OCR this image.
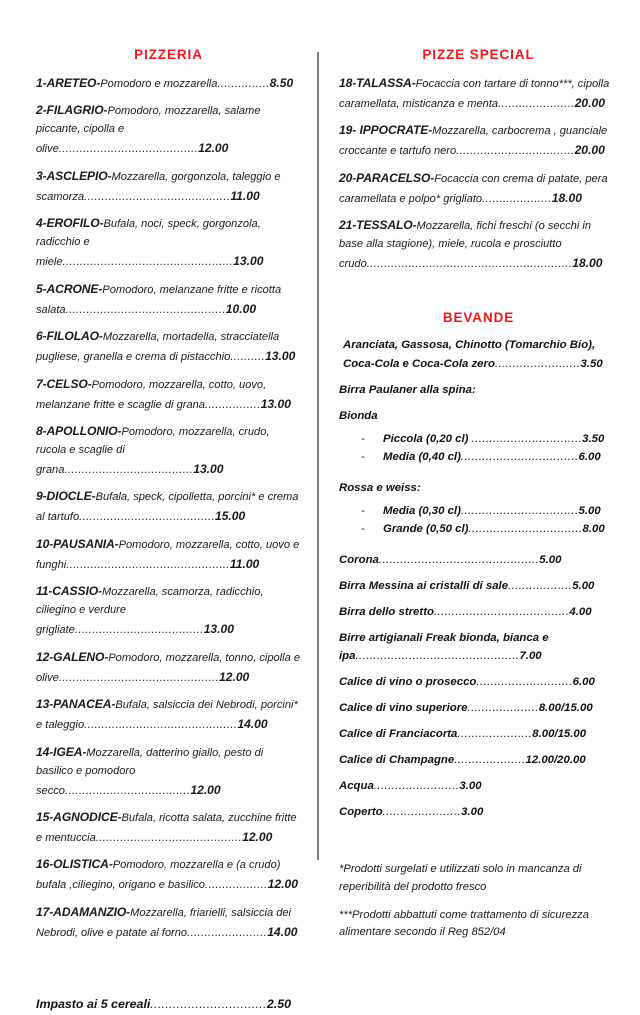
PIZZERIA
1-ARETEO-Pomodoro e mozzarella...............8.50
2-FILAGRIO-Pomodoro, mozzarella, salame piccante, cipolla e olive........................................12.00
3-ASCLEPIO-Mozzarella, gorgonzola, taleggio e scamorza..........................................11.00
4-EROFILO-Bufala, noci, speck, gorgonzola, radicchio e miele.................................................13.00
5-ACRONE-Pomodoro, melanzane fritte e ricotta salata..............................................10.00
6-FILOLAO-Mozzarella, mortadella, stracciatella pugliese, granella e crema di pistacchio..........13.00
7-CELSO-Pomodoro, mozzarella, cotto, uovo, melanzane fritte e scaglie di grana................13.00
8-APOLLONIO-Pomodoro, mozzarella, crudo, rucola e scaglie di grana.....................................13.00
9-DIOCLE-Bufala, speck, cipolletta, porcini* e crema al tartufo.......................................15.00
10-PAUSANIA-Pomodoro, mozzarella, cotto, uovo e funghi...............................................11.00
11-CASSIO-Mozzarella, scamorza, radicchio, ciliegino e verdure grigliate.....................................13.00
12-GALENO-Pomodoro, mozzarella, tonno, cipolla e olive..............................................12.00
13-PANACEA-Bufala, salsiccia dei Nebrodi, porcini* e taleggio............................................14.00
14-IGEA-Mozzarella, datterino giallo, pesto di basilico e pomodoro secco....................................12.00
15-AGNODICE-Bufala, ricotta salata, zucchine fritte e mentuccia..........................................12.00
16-OLISTICA-Pomodoro, mozzarella e (a crudo) bufala ,ciliegino, origano e basilico..................12.00
17-ADAMANZIO-Mozzarella, friarielli, salsiccia dei Nebrodi, olive e patate al forno.......................14.00
Impasto ai 5 cereali...............................2.50
PIZZE SPECIAL
18-TALASSA-Focaccia con tartare di tonno***, cipolla caramellata, misticanza e menta......................20.00
19- IPPOCRATE-Mozzarella, carbocrema , guanciale croccante e tartufo nero..................................20.00
20-PARACELSO-Focaccia con crema di patate, pera caramellata e polpo* grigliato....................18.00
21-TESSALO-Mozzarella, fichi freschi (o secchi in base alla stagione), miele, rucola e prosciutto crudo...........................................................18.00
BEVANDE
Aranciata, Gassosa, Chinotto (Tomarchio Bio), Coca-Cola e Coca-Cola zero........................3.50
Birra Paulaner alla spina:
Bionda
-	Piccola (0,20 cl) ...............................3.50
-	Media (0,40 cl).................................6.00
Rossa e weiss:
-	Media (0,30 cl).................................5.00
-	Grande (0,50 cl)................................8.00
Corona.............................................5.00
Birra Messina ai cristalli di sale..................5.00
Birra dello stretto......................................4.00
Birre artigianali Freak bionda, bianca e ipa..............................................7.00
Calice di vino o prosecco...........................6.00
Calice di vino superiore....................8.00/15.00
Calice di Franciacorta.....................8.00/15.00
Calice di Champagne....................12.00/20.00
Acqua........................3.00
Coperto......................3.00
*Prodotti surgelati e utilizzati solo in mancanza di reperibilità del prodotto fresco
***Prodotti abbattuti come trattamento di sicurezza alimentare secondo il Reg 852/04
